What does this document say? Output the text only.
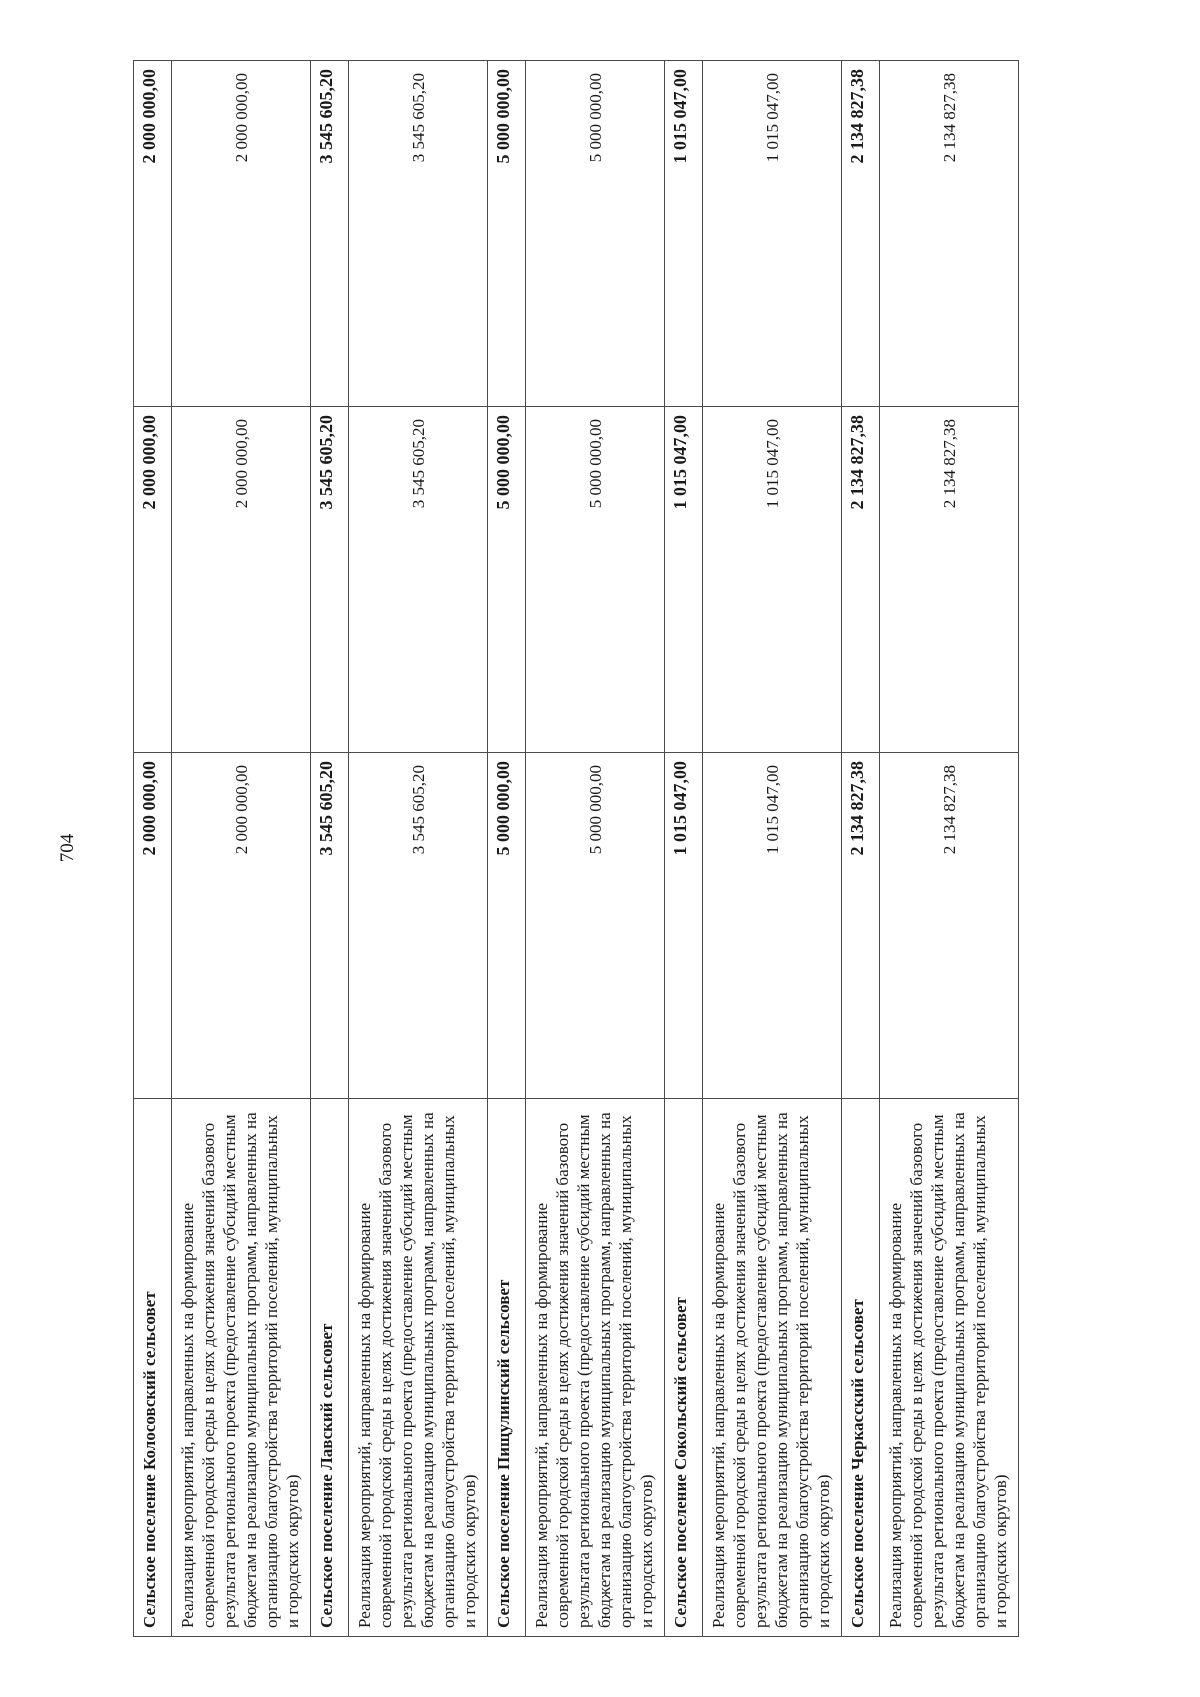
704
Сельское поселение Колосовский сельсовет	2 000 000,00	2 000 000,00	2 000 000,00
Реализация мероприятий, направленных на формирование современной городской среды в целях достижения значений базового результата регионального проекта (предоставление субсидий местным бюджетам на реализацию муниципальных программ, направленных на организацию благоустройства территорий поселений, муниципальных и городских округов)	2 000 000,00	2 000 000,00	2 000 000,00
Сельское поселение Лавский сельсовет	3 545 605,20	3 545 605,20	3 545 605,20
Реализация мероприятий, направленных на формирование современной городской среды в целях достижения значений базового результата регионального проекта (предоставление субсидий местным бюджетам на реализацию муниципальных программ, направленных на организацию благоустройства территорий поселений, муниципальных и городских округов)	3 545 605,20	3 545 605,20	3 545 605,20
Сельское поселение Пищулинский сельсовет	5 000 000,00	5 000 000,00	5 000 000,00
Реализация мероприятий, направленных на формирование современной городской среды в целях достижения значений базового результата регионального проекта (предоставление субсидий местным бюджетам на реализацию муниципальных программ, направленных на организацию благоустройства территорий поселений, муниципальных и городских округов)	5 000 000,00	5 000 000,00	5 000 000,00
Сельское поселение Сокольский сельсовет	1 015 047,00	1 015 047,00	1 015 047,00
Реализация мероприятий, направленных на формирование современной городской среды в целях достижения значений базового результата регионального проекта (предоставление субсидий местным бюджетам на реализацию муниципальных программ, направленных на организацию благоустройства территорий поселений, муниципальных и городских округов)	1 015 047,00	1 015 047,00	1 015 047,00
Сельское поселение Черкасский сельсовет	2 134 827,38	2 134 827,38	2 134 827,38
Реализация мероприятий, направленных на формирование современной городской среды в целях достижения значений базового результата регионального проекта (предоставление субсидий местным бюджетам на реализацию муниципальных программ, направленных на организацию благоустройства территорий поселений, муниципальных и городских округов)	2 134 827,38	2 134 827,38	2 134 827,38
